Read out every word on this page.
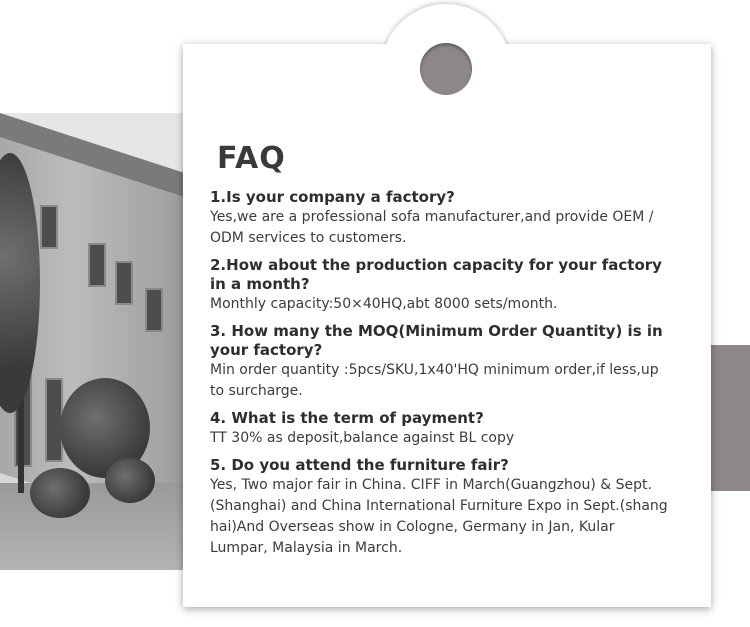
FAQ
1.Is your company a factory?
Yes,we are a professional sofa manufacturer,and provide OEM /
ODM services to customers.
2.How about the production capacity for your factory
in a month?
Monthly capacity:50×40HQ,abt 8000 sets/month.
3. How many the MOQ(Minimum Order Quantity) is in
your factory?
Min order quantity :5pcs/SKU,1x40'HQ minimum order,if less,up
to surcharge.
4. What is the term of payment?
TT 30% as deposit,balance against BL copy
5. Do you attend the furniture fair?
Yes, Two major fair in China. CIFF in March(Guangzhou) & Sept.
(Shanghai) and China International Furniture Expo in Sept.(shang
hai)And Overseas show in Cologne, Germany in Jan, Kular
Lumpar, Malaysia in March.
